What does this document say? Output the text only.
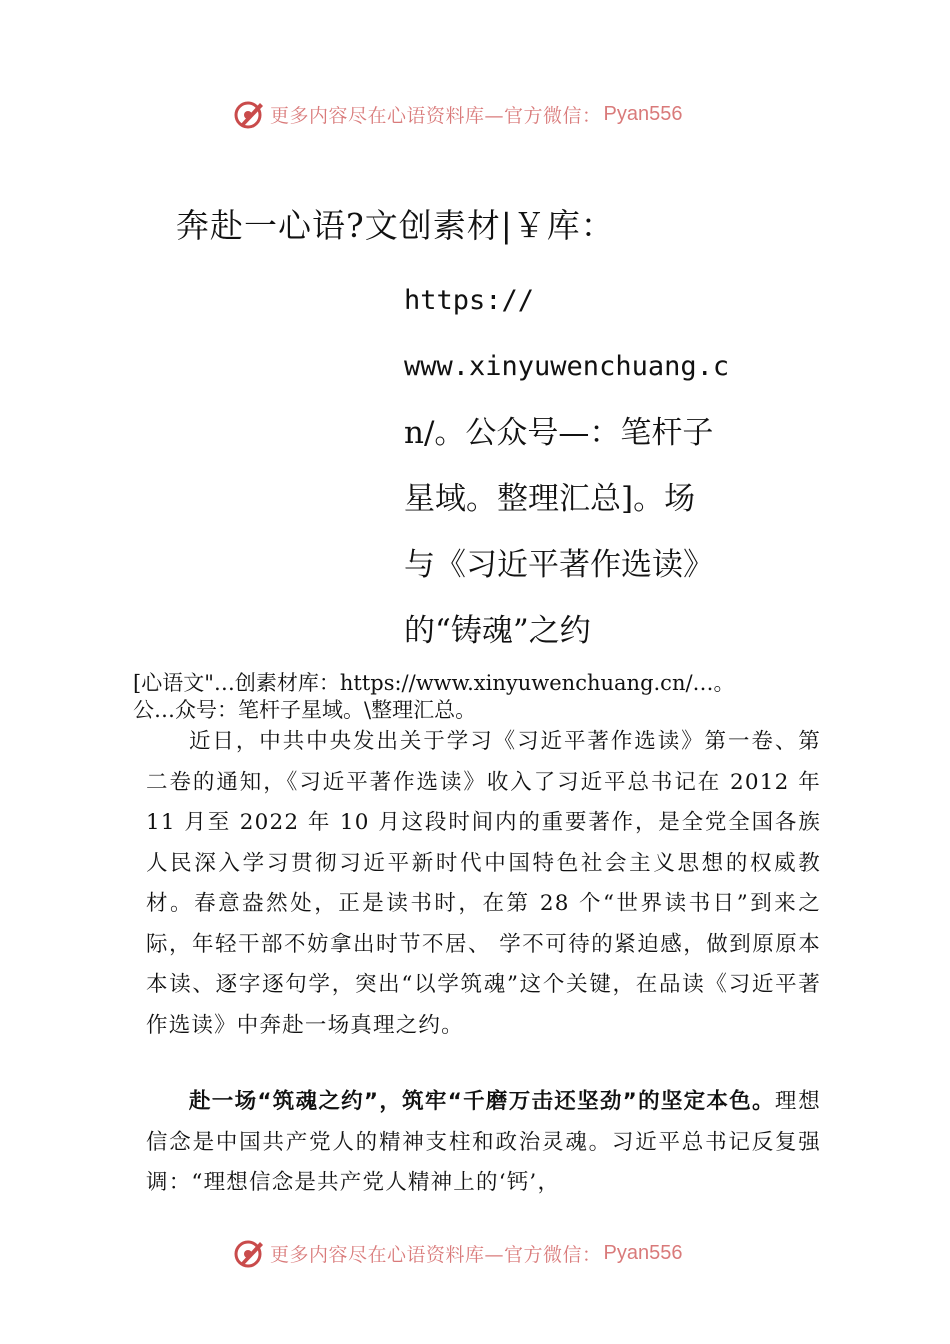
更多内容尽在心语资料库—官方微信： Pyan556
奔赴一心语?文创素材|￥库：
https://
www.xinyuwenchuang.c
n/。公众号—：笔杆子
星域。整理汇总]。场
与《习近平著作选读》
的“铸魂”之约
[心语文"…创素材库：https://www.xinyuwenchuang.cn/…。
公…众号：笔杆子星域。\整理汇总。

近日，中共中央发出关于学习《习近平著作选读》第一卷、第二卷的通知，《习近平著作选读》收入了习近平总书记在 2012 年 11 月至 2022 年 10 月这段时间内的重要著作，是全党全国各族人民深入学习贯彻习近平新时代中国特色社会主义思想的权威教材。春意盎然处，正是读书时，在第 28 个“世界读书日”到来之际，年轻干部不妨拿出时节不居、 学不可待的紧迫感，做到原原本本读、逐字逐句学，突出“以学筑魂”这个关键，在品读《习近平著作选读》中奔赴一场真理之约。

赴一场“筑魂之约”，筑牢“千磨万击还坚劲”的坚定本色。理想信念是中国共产党人的精神支柱和政治灵魂。习近平总书记反复强调：“理想信念是共产党人精神上的‘钙’，

更多内容尽在心语资料库—官方微信： Pyan556
